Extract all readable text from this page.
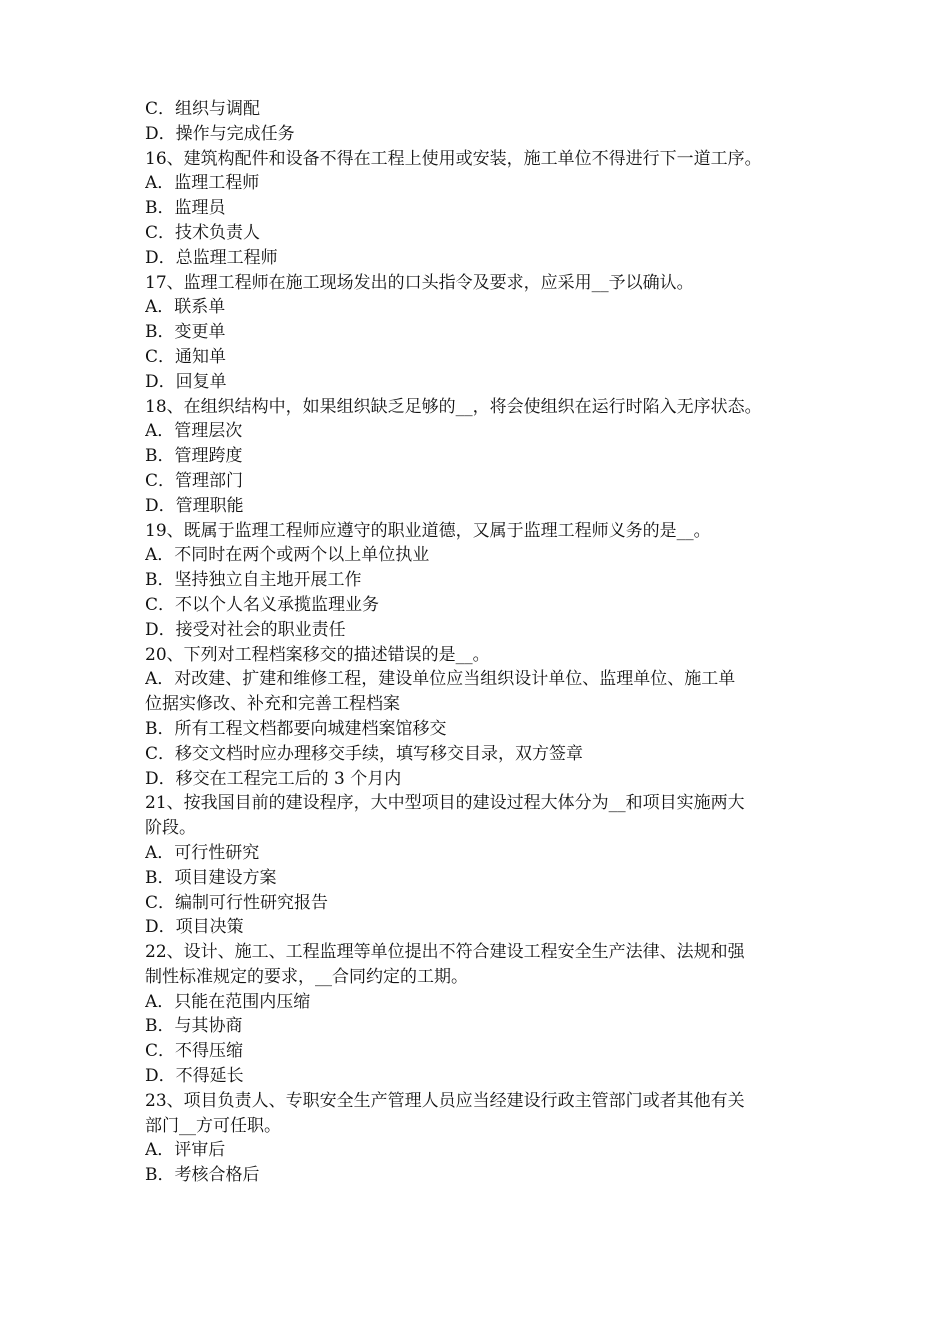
C．组织与调配
D．操作与完成任务
16、建筑构配件和设备不得在工程上使用或安装，施工单位不得进行下一道工序。
A．监理工程师
B．监理员
C．技术负责人
D．总监理工程师
17、监理工程师在施工现场发出的口头指令及要求，应采用__予以确认。
A．联系单
B．变更单
C．通知单
D．回复单
18、在组织结构中，如果组织缺乏足够的__，将会使组织在运行时陷入无序状态。
A．管理层次
B．管理跨度
C．管理部门
D．管理职能
19、既属于监理工程师应遵守的职业道德，又属于监理工程师义务的是__。
A．不同时在两个或两个以上单位执业
B．坚持独立自主地开展工作
C．不以个人名义承揽监理业务
D．接受对社会的职业责任
20、下列对工程档案移交的描述错误的是__。
A．对改建、扩建和维修工程，建设单位应当组织设计单位、监理单位、施工单
位据实修改、补充和完善工程档案
B．所有工程文档都要向城建档案馆移交
C．移交文档时应办理移交手续，填写移交目录，双方签章
D．移交在工程完工后的 3 个月内
21、按我国目前的建设程序，大中型项目的建设过程大体分为__和项目实施两大
阶段。
A．可行性研究
B．项目建设方案
C．编制可行性研究报告
D．项目决策
22、设计、施工、工程监理等单位提出不符合建设工程安全生产法律、法规和强
制性标准规定的要求，__合同约定的工期。
A．只能在范围内压缩
B．与其协商
C．不得压缩
D．不得延长
23、项目负责人、专职安全生产管理人员应当经建设行政主管部门或者其他有关
部门__方可任职。
A．评审后
B．考核合格后
